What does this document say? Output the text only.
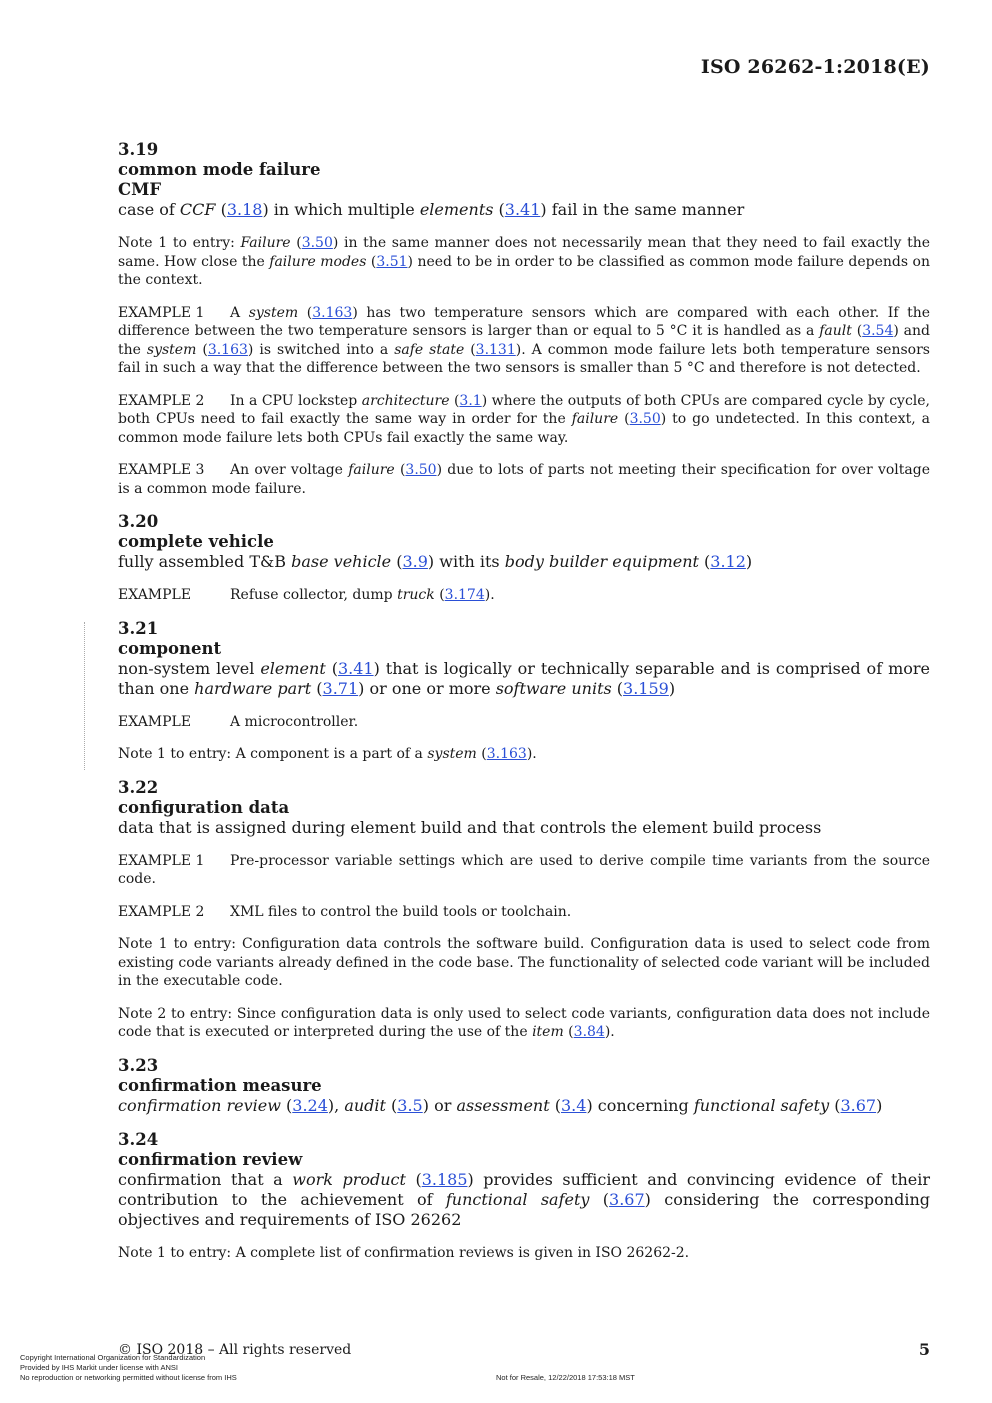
ISO 26262-1:2018(E)
3.19
common mode failure
CMF
case of CCF (3.18) in which multiple elements (3.41) fail in the same manner
Note 1 to entry: Failure (3.50) in the same manner does not necessarily mean that they need to fail exactly the same. How close the failure modes (3.51) need to be in order to be classified as common mode failure depends on the context.
EXAMPLE 1 A system (3.163) has two temperature sensors which are compared with each other. If the difference between the two temperature sensors is larger than or equal to 5 °C it is handled as a fault (3.54) and the system (3.163) is switched into a safe state (3.131). A common mode failure lets both temperature sensors fail in such a way that the difference between the two sensors is smaller than 5 °C and therefore is not detected.
EXAMPLE 2 In a CPU lockstep architecture (3.1) where the outputs of both CPUs are compared cycle by cycle, both CPUs need to fail exactly the same way in order for the failure (3.50) to go undetected. In this context, a common mode failure lets both CPUs fail exactly the same way.
EXAMPLE 3 An over voltage failure (3.50) due to lots of parts not meeting their specification for over voltage is a common mode failure.
3.20
complete vehicle
fully assembled T&B base vehicle (3.9) with its body builder equipment (3.12)
EXAMPLE	Refuse collector, dump truck (3.174).
3.21
component
non-system level element (3.41) that is logically or technically separable and is comprised of more than one hardware part (3.71) or one or more software units (3.159)
EXAMPLE	A microcontroller.
Note 1 to entry: A component is a part of a system (3.163).
3.22
configuration data
data that is assigned during element build and that controls the element build process
EXAMPLE 1 Pre-processor variable settings which are used to derive compile time variants from the source code.
EXAMPLE 2 XML files to control the build tools or toolchain.
Note 1 to entry: Configuration data controls the software build. Configuration data is used to select code from existing code variants already defined in the code base. The functionality of selected code variant will be included in the executable code.
Note 2 to entry: Since configuration data is only used to select code variants, configuration data does not include code that is executed or interpreted during the use of the item (3.84).
3.23
confirmation measure
confirmation review (3.24), audit (3.5) or assessment (3.4) concerning functional safety (3.67)
3.24
confirmation review
confirmation that a work product (3.185) provides sufficient and convincing evidence of their contribution to the achievement of functional safety (3.67) considering the corresponding objectives and requirements of ISO 26262
Note 1 to entry: A complete list of confirmation reviews is given in ISO 26262-2.
© ISO 2018 – All rights reserved	5
Copyright International Organization for Standardization
Provided by IHS Markit under license with ANSI
No reproduction or networking permitted without license from IHS	Not for Resale, 12/22/2018 17:53:18 MST
